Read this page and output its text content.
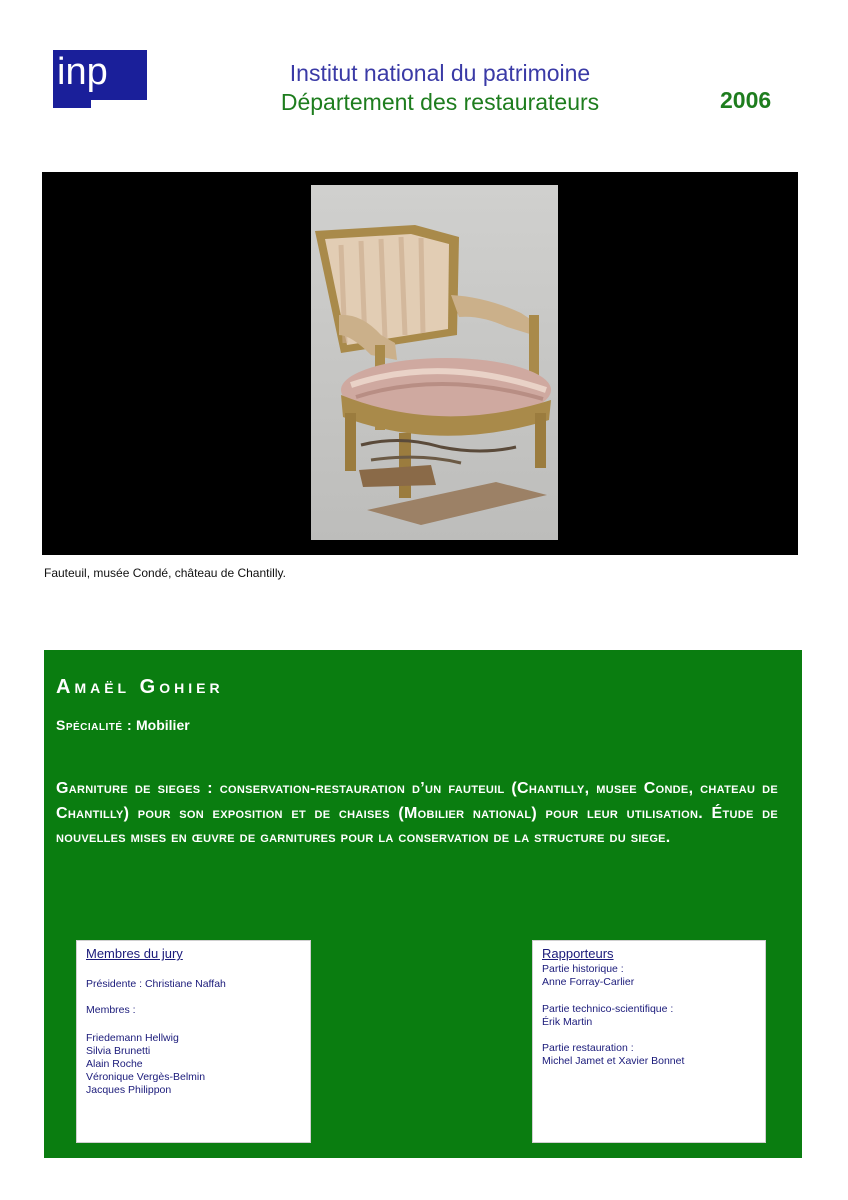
inp	Institut national du patrimoine
Département des restaurateurs	2006
Fauteuil, musée Condé, château de Chantilly.
Amaël Gohier
Spécialité : Mobilier
Garniture de sieges : conservation-restauration d’un fauteuil (Chantilly, musee Conde, chateau de Chantilly) pour son exposition et de chaises (Mobilier national) pour leur utilisation. Étude de nouvelles mises en œuvre de garnitures pour la conservation de la structure du siege.
Membres du jury
Présidente : Christiane Naffah
Membres :
Friedemann Hellwig
Silvia Brunetti
Alain Roche
Véronique Vergès-Belmin
Jacques Philippon
Rapporteurs
Partie historique :
Anne Forray-Carlier
Partie technico-scientifique :
Érik Martin
Partie restauration :
Michel Jamet et Xavier Bonnet
